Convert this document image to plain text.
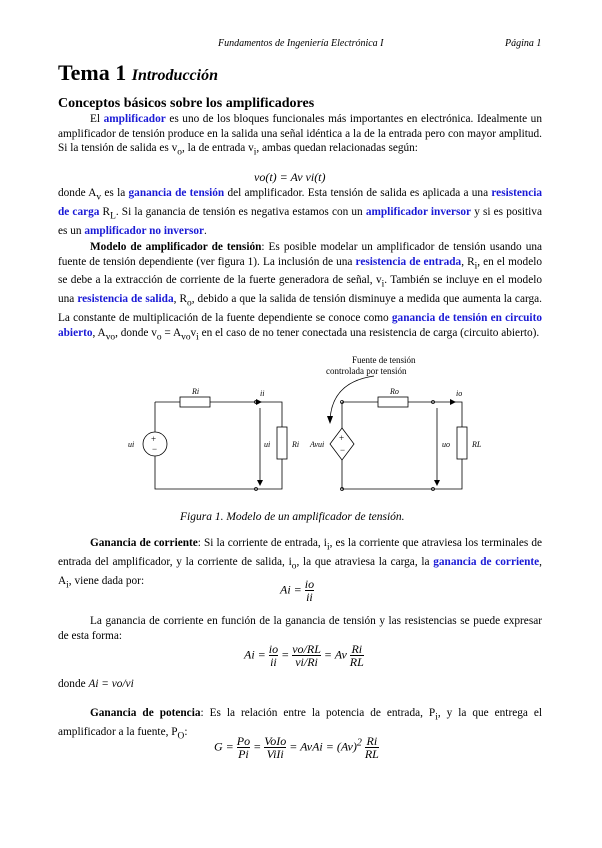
Fundamentos de Ingeniería Electrónica I	Página 1
Tema 1 Introducción
Conceptos básicos sobre los amplificadores
El amplificador es uno de los bloques funcionales más importantes en electrónica. Idealmente un amplificador de tensión produce en la salida una señal idéntica a la de la entrada pero con mayor amplitud. Si la tensión de salida es $v_o$, la de entrada $v_i$, ambas quedan relacionadas según:
vo(t) = Av vi(t)
donde $A_v$ es la ganancia de tensión del amplificador. Esta tensión de salida es aplicada a una resistencia de carga $R_L$. Si la ganancia de tensión es negativa estamos con un amplificador inversor y si es positiva es un amplificador no inversor.
Modelo de amplificador de tensión: Es posible modelar un amplificador de tensión usando una fuente de tensión dependiente (ver figura 1). La inclusión de una resistencia de entrada, $R_i$, en el modelo se debe a la extracción de corriente de la fuerte generadora de señal, $v_i$. También se incluye en el modelo una resistencia de salida, $R_o$, debido a que la salida de tensión disminuye a medida que aumenta la carga. La constante de multiplicación de la fuente dependiente se conoce como ganancia de tensión en circuito abierto, $A_{vo}$, donde $v_o = A_{vo}v_i$ en el caso de no tener conectada una resistencia de carga (circuito abierto).
+
−
+
−
Ri	ii
ui	ui	Ri
Ro	io
uo	RL
Avui
Fuente de tensión
controlada por tensión
Figura 1. Modelo de un amplificador de tensión.
Ganancia de corriente: Si la corriente de entrada, $i_i$, es la corriente que atraviesa los terminales de entrada del amplificador, y la corriente de salida, $i_o$, la que atraviesa la carga, la ganancia de corriente, $A_i$, viene dada por:
$Ai = \frac{io}{ii}$
La ganancia de corriente en función de la ganancia de tensión y las resistencias se puede expresar de esta forma:
$Ai = \frac{io}{ii} = \frac{vo/RL}{vi/Ri} = Av \frac{Ri}{RL}$
donde Ai = vo/vi
Ganancia de potencia: Es la relación entre la potencia de entrada, $P_i$, y la que entrega el amplificador a la fuente, $P_O$:
$G = \frac{Po}{Pi} = \frac{\text{VoIo}}{\text{ViIi}}$ = AvAi = $(Av)^2 \frac{Ri}{RL}$
